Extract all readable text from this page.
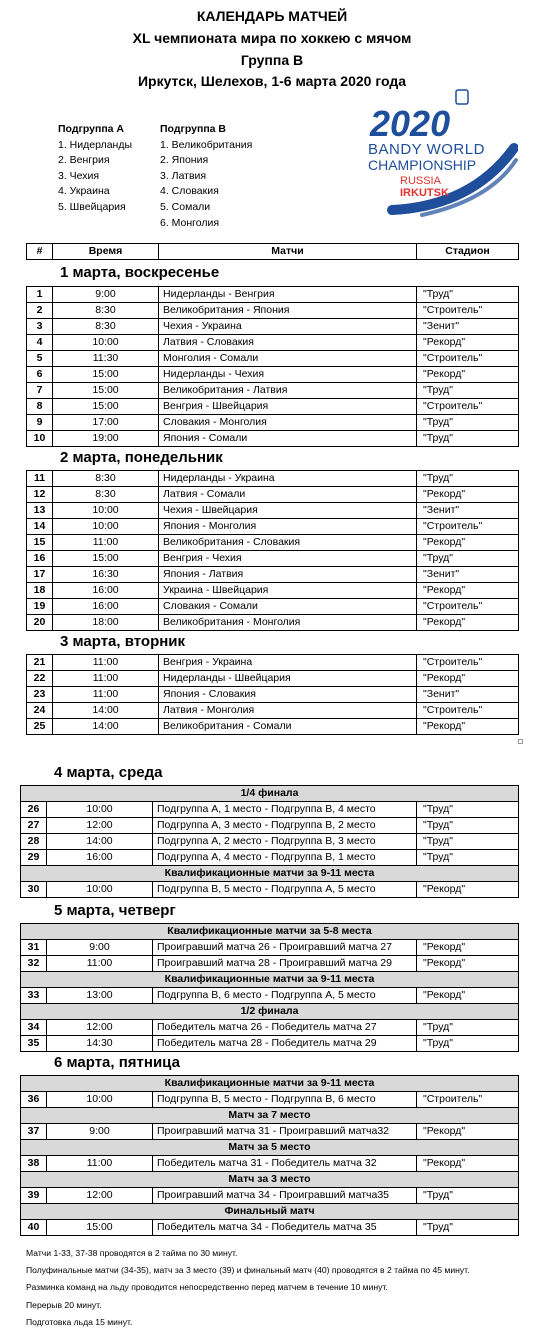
КАЛЕНДАРЬ МАТЧЕЙ
XL чемпионата мира по хоккею с мячом
Группа B
Иркутск, Шелехов, 1-6 марта 2020 года
Подгруппа А
1. Нидерланды
2. Венгрия
3. Чехия
4. Украина
5. Швейцария
Подгруппа В
1. Великобритания
2. Япония
3. Латвия
4. Словакия
5. Сомали
6. Монголия
2020
BANDY WORLD
CHAMPIONSHIP
RUSSIA
IRKUTSK
#	Время	Матчи	Стадион
1 марта, воскресенье
1	9:00	Нидерланды - Венгрия	"Труд"
2	8:30	Великобритания - Япония	"Строитель"
3	8:30	Чехия - Украина	"Зенит"
4	10:00	Латвия - Словакия	"Рекорд"
5	11:30	Монголия - Сомали	"Строитель"
6	15:00	Нидерланды - Чехия	"Рекорд"
7	15:00	Великобритания - Латвия	"Труд"
8	15:00	Венгрия - Швейцария	"Строитель"
9	17:00	Словакия - Монголия	"Труд"
10	19:00	Япония - Сомали	"Труд"
2 марта, понедельник
11	8:30	Нидерланды - Украина	"Труд"
12	8:30	Латвия - Сомали	"Рекорд"
13	10:00	Чехия - Швейцария	"Зенит"
14	10:00	Япония - Монголия	"Строитель"
15	11:00	Великобритания - Словакия	"Рекорд"
16	15:00	Венгрия - Чехия	"Труд"
17	16:30	Япония - Латвия	"Зенит"
18	16:00	Украина - Швейцария	"Рекорд"
19	16:00	Словакия - Сомали	"Строитель"
20	18:00	Великобритания - Монголия	"Рекорд"
3 марта, вторник
21	11:00	Венгрия - Украина	"Строитель"
22	11:00	Нидерланды - Швейцария	"Рекорд"
23	11:00	Япония - Словакия	"Зенит"
24	14:00	Латвия - Монголия	"Строитель"
25	14:00	Великобритания - Сомали	"Рекорд"
4 марта, среда
1/4 финала			
26	10:00	Подгруппа А, 1 место - Подгруппа В, 4 место	"Труд"
27	12:00	Подгруппа А, 3 место - Подгруппа В, 2 место	"Труд"
28	14:00	Подгруппа А, 2 место - Подгруппа В, 3 место	"Труд"
29	16:00	Подгруппа А, 4 место - Подгруппа В, 1 место	"Труд"
Квалификационные матчи за 9-11 места			
30	10:00	Подгруппа В, 5 место - Подгруппа А, 5 место	"Рекорд"
5 марта, четверг
Квалификационные матчи за 5-8 места			
31	9:00	Проигравший матча 26 - Проигравший матча 27	"Рекорд"
32	11:00	Проигравший матча 28 - Проигравший матча 29	"Рекорд"
Квалификационные матчи за 9-11 места			
33	13:00	Подгруппа В, 6 место - Подгруппа А, 5 место	"Рекорд"
1/2 финала			
34	12:00	Победитель матча 26 - Победитель матча 27	"Труд"
35	14:30	Победитель матча 28 - Победитель матча 29	"Труд"
6 марта, пятница
Квалификационные матчи за 9-11 места			
36	10:00	Подгруппа В, 5 место - Подгруппа В, 6 место	"Строитель"
Матч за 7 место			
37	9:00	Проигравший матча 31 - Проигравший матча32	"Рекорд"
Матч за 5 место			
38	11:00	Победитель матча 31 - Победитель матча 32	"Рекорд"
Матч за 3 место			
39	12:00	Проигравший матча 34 - Проигравший матча35	"Труд"
Финальный матч			
40	15:00	Победитель матча 34 - Победитель матча 35	"Труд"
Матчи 1-33, 37-38 проводятся в 2 тайма по 30 минут.
Полуфинальные матчи (34-35), матч за 3 место (39) и финальный матч (40) проводятся в 2 тайма по 45 минут.
Разминка команд на льду проводится непосредственно перед матчем в течение 10 минут.
Перерыв 20 минут.
Подготовка льда 15 минут.
